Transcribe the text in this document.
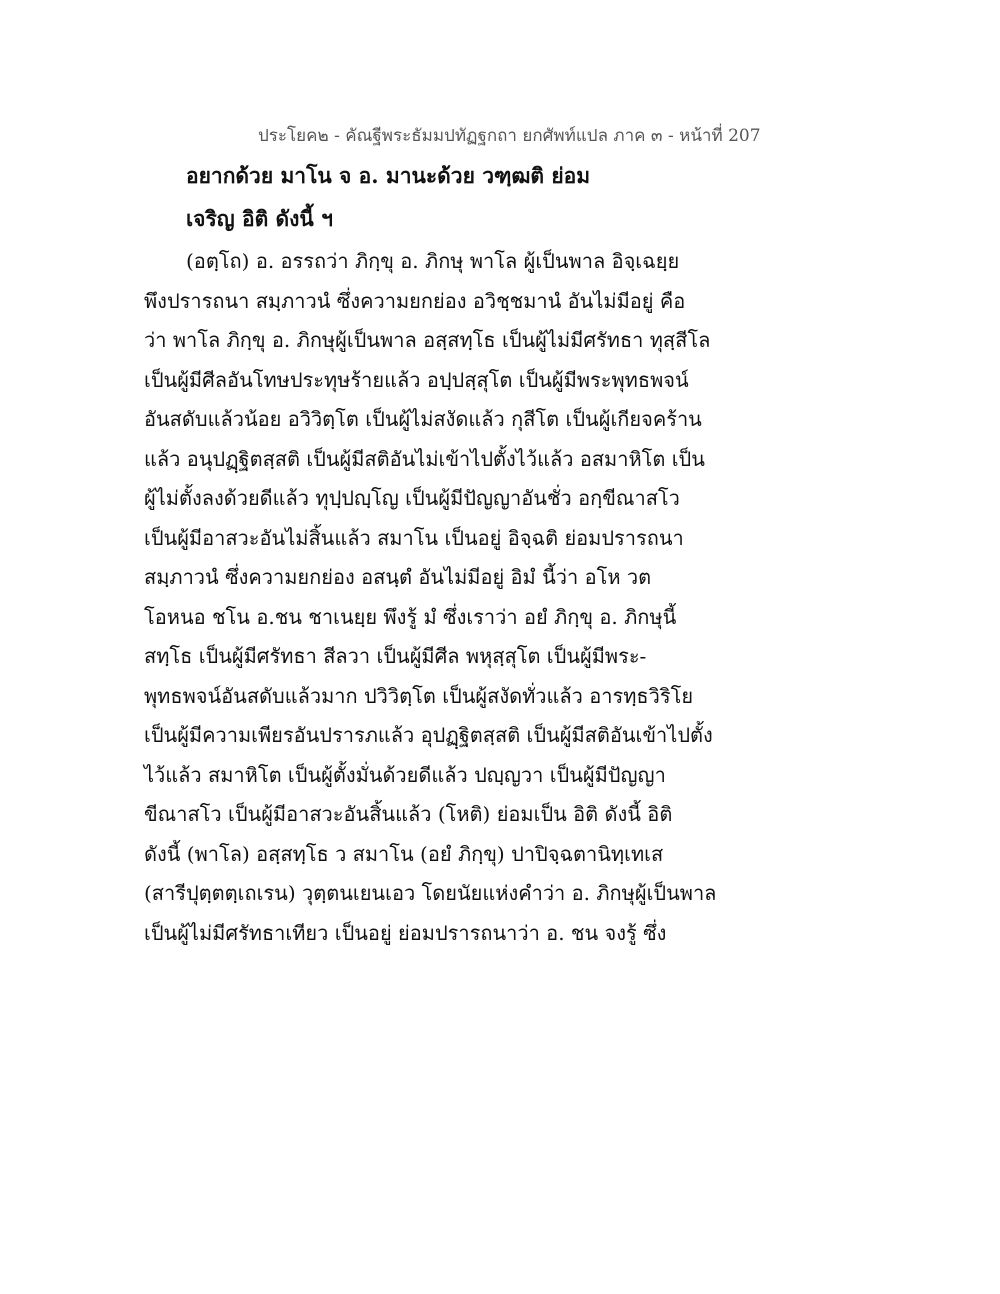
ประโยค๒ - คัณฐีพระธัมมปทัฏฐกถา ยกศัพท์แปล ภาค ๓ - หน้าที่ 207
อยากด้วย มาโน จ อ. มานะด้วย วฑฺฒติ ย่อม
เจริญ อิติ ดังนี้ ฯ
(อตฺโถ) อ. อรรถว่า ภิกฺขุ อ. ภิกษุ พาโล ผู้เป็นพาล อิจฺเฉยฺย
พึงปรารถนา สมฺภาวนํ ซึ่งความยกย่อง อวิชฺชมานํ อันไม่มีอยู่ คือ
ว่า พาโล ภิกฺขุ อ. ภิกษุผู้เป็นพาล อสฺสทฺโธ เป็นผู้ไม่มีศรัทธา ทุสฺสีโล
เป็นผู้มีศีลอันโทษประทุษร้ายแล้ว อปฺปสฺสุโต เป็นผู้มีพระพุทธพจน์
อันสดับแล้วน้อย อวิวิตฺโต เป็นผู้ไม่สงัดแล้ว กุสีโต เป็นผู้เกียจคร้าน
แล้ว อนุปฏฺฐิตสฺสติ เป็นผู้มีสติอันไม่เข้าไปตั้งไว้แล้ว อสมาหิโต เป็น
ผู้ไม่ตั้งลงด้วยดีแล้ว ทุปฺปญฺโญ เป็นผู้มีปัญญาอันชั่ว อกฺขีณาสโว
เป็นผู้มีอาสวะอันไม่สิ้นแล้ว สมาโน เป็นอยู่ อิจฺฉติ ย่อมปรารถนา
สมฺภาวนํ ซึ่งความยกย่อง อสนฺตํ อันไม่มีอยู่ อิมํ นี้ว่า อโห วต
โอหนอ ชโน อ.ชน ชาเนยฺย พึงรู้ มํ ซึ่งเราว่า อยํ ภิกฺขุ อ. ภิกษุนี้
สทฺโธ เป็นผู้มีศรัทธา สีลวา เป็นผู้มีศีล พหุสฺสุโต เป็นผู้มีพระ-
พุทธพจน์อันสดับแล้วมาก ปวิวิตฺโต เป็นผู้สงัดทั่วแล้ว อารทฺธวิริโย
เป็นผู้มีความเพียรอันปรารภแล้ว อุปฏฺฐิตสฺสติ เป็นผู้มีสติอันเข้าไปตั้ง
ไว้แล้ว สมาหิโต เป็นผู้ตั้งมั่นด้วยดีแล้ว ปญฺญวา เป็นผู้มีปัญญา
ขีณาสโว เป็นผู้มีอาสวะอันสิ้นแล้ว (โหติ) ย่อมเป็น อิติ ดังนี้ อิติ
ดังนี้ (พาโล) อสฺสทฺโธ ว สมาโน (อยํ ภิกฺขุ) ปาปิจฺฉตานิทฺเทเส
(สารีปุตฺตตฺเถเรน) วุตฺตนเยนเอว โดยนัยแห่งคำว่า อ. ภิกษุผู้เป็นพาล
เป็นผู้ไม่มีศรัทธาเทียว เป็นอยู่ ย่อมปรารถนาว่า อ. ชน จงรู้ ซึ่ง
